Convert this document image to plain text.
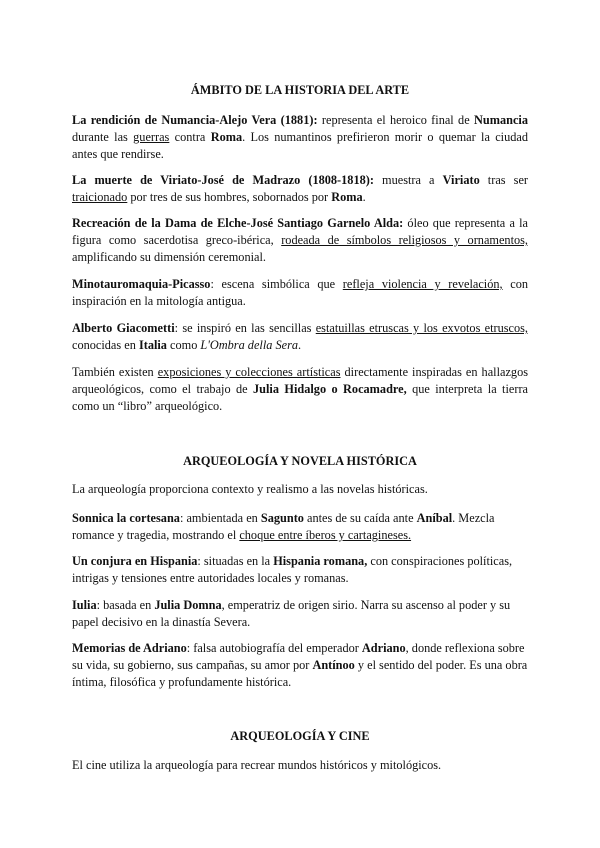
ÁMBITO DE LA HISTORIA DEL ARTE

La rendición de Numancia-Alejo Vera (1881): representa el heroico final de Numancia durante las guerras contra Roma. Los numantinos prefirieron morir o quemar la ciudad antes que rendirse.

La muerte de Viriato-José de Madrazo (1808-1818): muestra a Viriato tras ser traicionado por tres de sus hombres, sobornados por Roma.

Recreación de la Dama de Elche-José Santiago Garnelo Alda: óleo que representa a la figura como sacerdotisa greco-ibérica, rodeada de símbolos religiosos y ornamentos, amplificando su dimensión ceremonial.

Minotauromaquia-Picasso: escena simbólica que refleja violencia y revelación, con inspiración en la mitología antigua.

Alberto Giacometti: se inspiró en las sencillas estatuillas etruscas y los exvotos etruscos, conocidas en Italia como L'Ombra della Sera.

También existen exposiciones y colecciones artísticas directamente inspiradas en hallazgos arqueológicos, como el trabajo de Julia Hidalgo o Rocamadre, que interpreta la tierra como un “libro” arqueológico.

ARQUEOLOGÍA Y NOVELA HISTÓRICA

La arqueología proporciona contexto y realismo a las novelas históricas.

Sonnica la cortesana: ambientada en Sagunto antes de su caída ante Aníbal. Mezcla romance y tragedia, mostrando el choque entre íberos y cartagineses.

Un conjura en Hispania: situadas en la Hispania romana, con conspiraciones políticas, intrigas y tensiones entre autoridades locales y romanas.

Iulia: basada en Julia Domna, emperatriz de origen sirio. Narra su ascenso al poder y su papel decisivo en la dinastía Severa.

Memorias de Adriano: falsa autobiografía del emperador Adriano, donde reflexiona sobre su vida, su gobierno, sus campañas, su amor por Antínoo y el sentido del poder. Es una obra íntima, filosófica y profundamente histórica.

ARQUEOLOGÍA Y CINE

El cine utiliza la arqueología para recrear mundos históricos y mitológicos.
